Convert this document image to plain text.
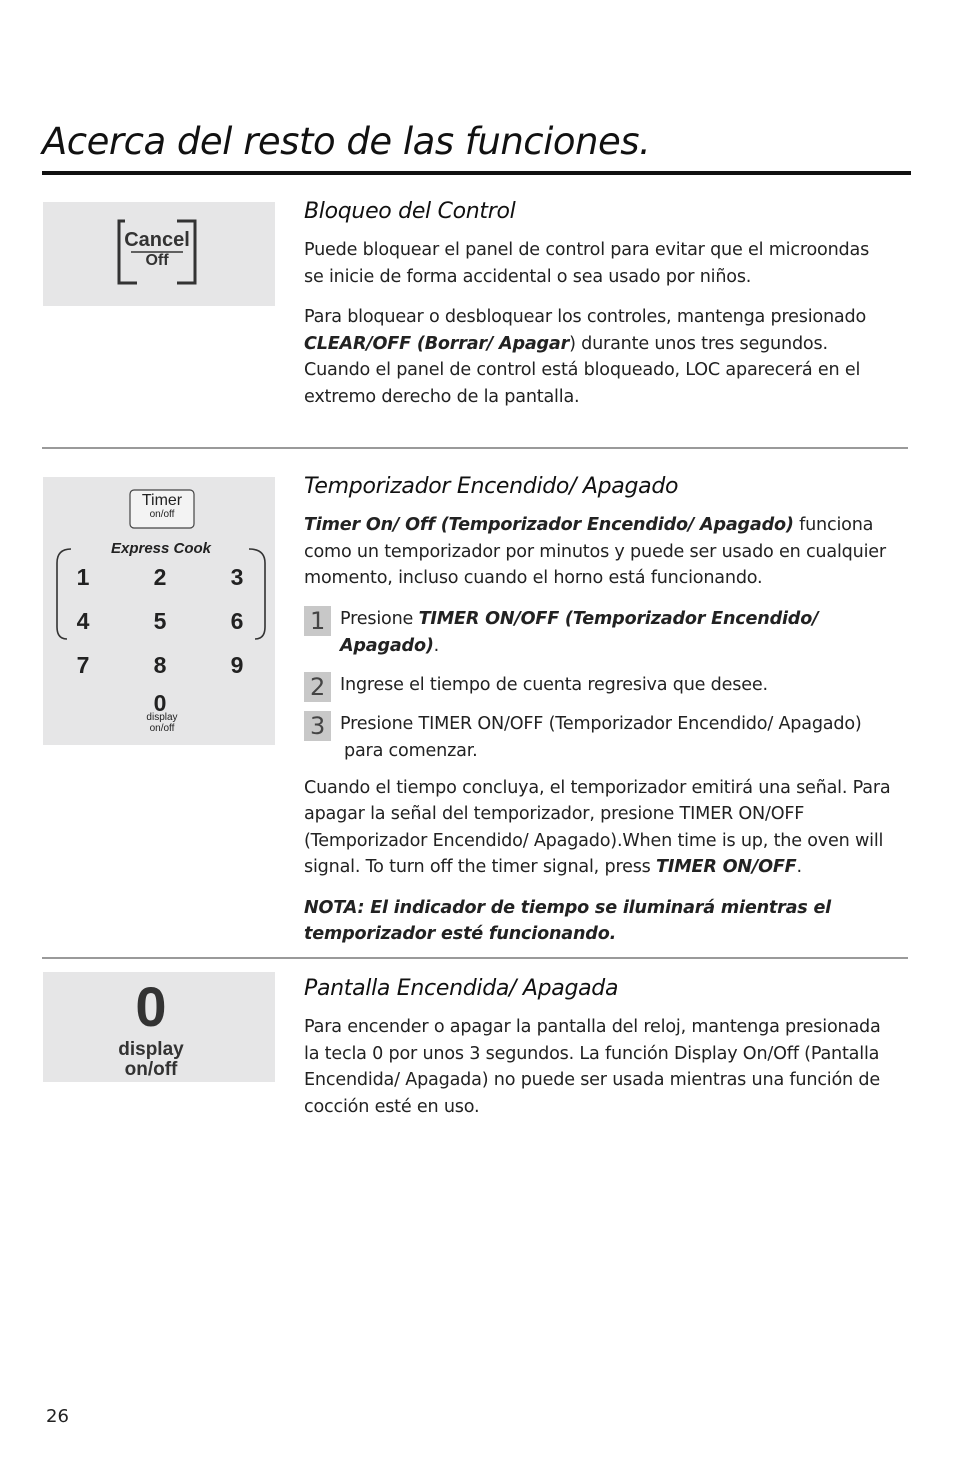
Acerca del resto de las funciones.
Cancel
Off
Bloqueo del Control

Puede bloquear el panel de control para evitar que el microondas se inicie de forma accidental o sea usado por niños.

Para bloquear o desbloquear los controles, mantenga presionado CLEAR/OFF (Borrar/ Apagar) durante unos tres segundos. Cuando el panel de control está bloqueado, LOC aparecerá en el extremo derecho de la pantalla.

Timer
on/off
Express Cook
1	2	3
4	5	6
7	8	9
0
display
on/off
Temporizador Encendido/ Apagado

Timer On/ Off (Temporizador Encendido/ Apagado) funciona como un temporizador por minutos y puede ser usado en cualquier momento, incluso cuando el horno está funcionando.

1 Presione TIMER ON/OFF (Temporizador Encendido/ Apagado).
2 Ingrese el tiempo de cuenta regresiva que desee.
3 Presione TIMER ON/OFF (Temporizador Encendido/ Apagado)
para comenzar.

Cuando el tiempo concluya, el temporizador emitirá una señal. Para apagar la señal del temporizador, presione TIMER ON/OFF (Temporizador Encendido/ Apagado).When time is up, the oven will signal. To turn off the timer signal, press TIMER ON/OFF.

NOTA: El indicador de tiempo se iluminará mientras el temporizador esté funcionando.

0
display
on/off
Pantalla Encendida/ Apagada

Para encender o apagar la pantalla del reloj, mantenga presionada la tecla 0 por unos 3 segundos. La función Display On/Off (Pantalla Encendida/ Apagada) no puede ser usada mientras una función de cocción esté en uso.

26
